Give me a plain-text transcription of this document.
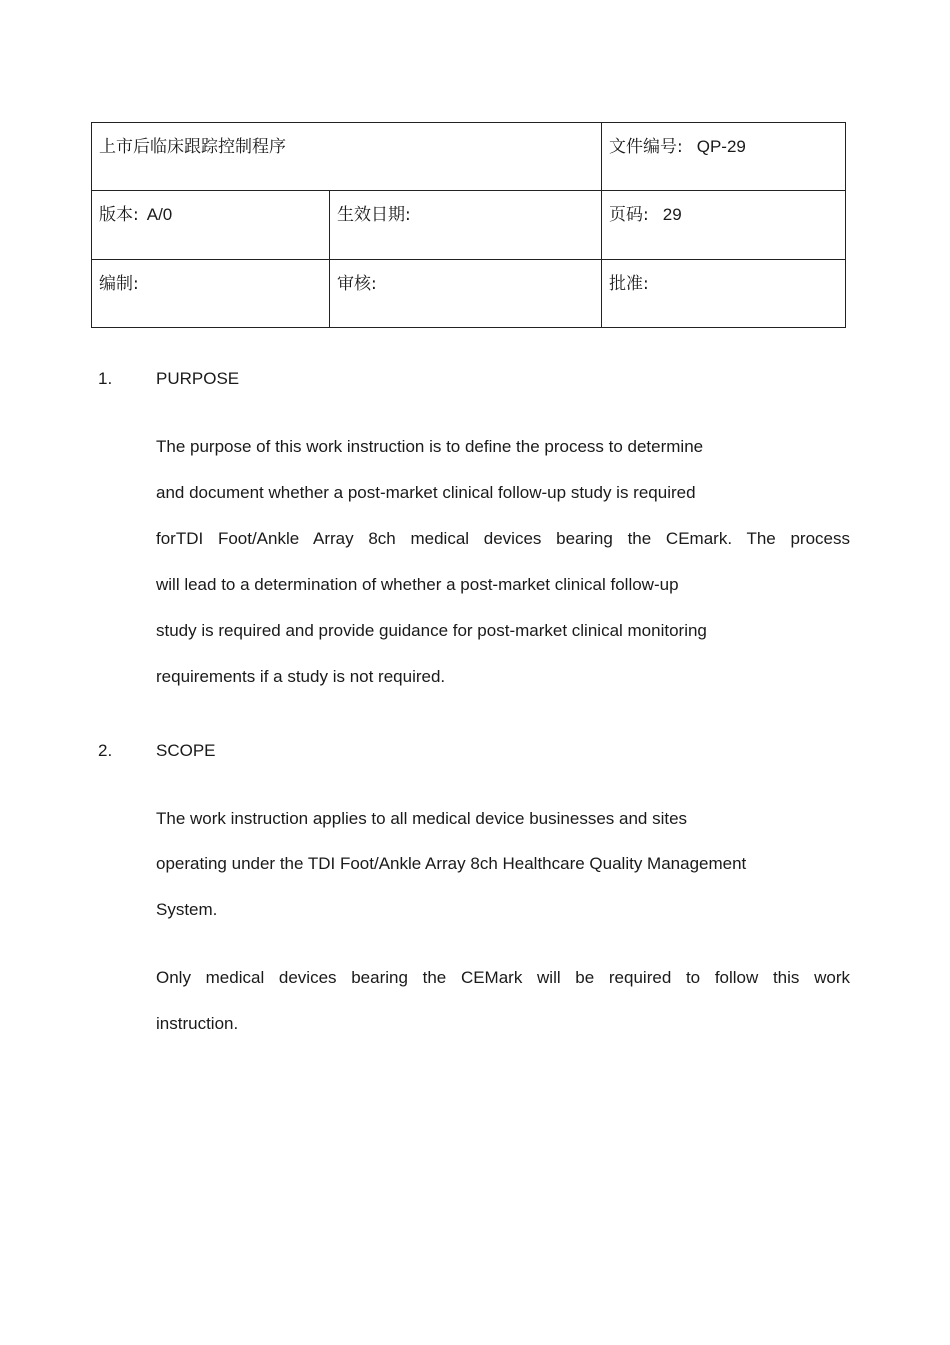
上市后临床跟踪控制程序		文件编号: QP-29
版本: A/0	生效日期:	页码: 29
编制:	审核:	批准:
1.	PURPOSE
The purpose of this work instruction is to define the process to determine
and document whether a post-market clinical follow-up study is required
forTDI Foot/Ankle Array 8ch medical devices bearing the CEmark. The process
will lead to a determination of whether a post-market clinical follow-up
study is required and provide guidance for post-market clinical monitoring
requirements if a study is not required.
2.	SCOPE
The work instruction applies to all medical device businesses and sites
operating under the TDI Foot/Ankle Array 8ch Healthcare Quality Management
System.
Only medical devices bearing the CEMark will be required to follow this work
instruction.
